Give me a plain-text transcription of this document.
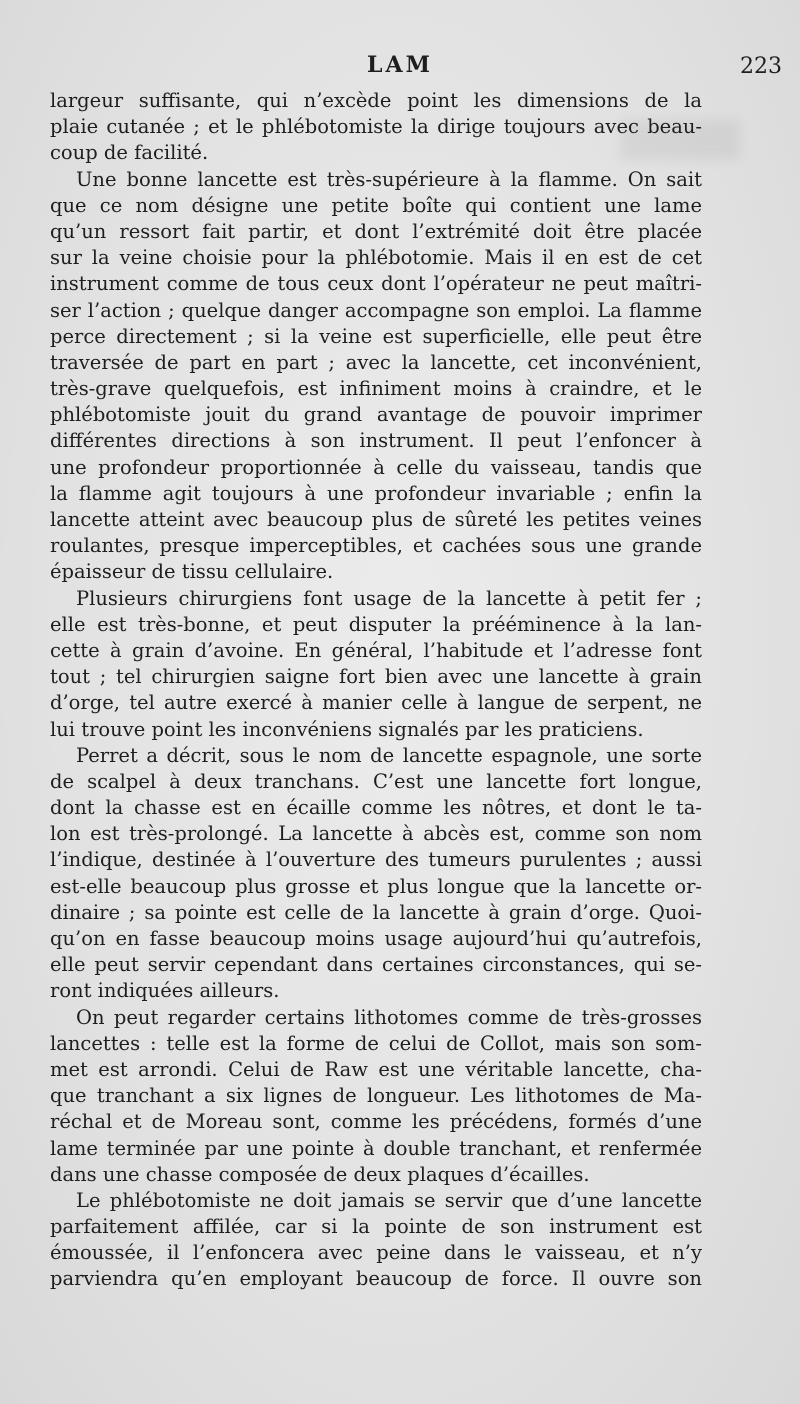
LAM	223
largeur suffisante, qui n’excède point les dimensions de la
plaie cutanée ; et le phlébotomiste la dirige toujours avec beau-
coup de facilité.
Une bonne lancette est très-supérieure à la flamme. On sait
que ce nom désigne une petite boîte qui contient une lame
qu’un ressort fait partir, et dont l’extrémité doit être placée
sur la veine choisie pour la phlébotomie. Mais il en est de cet
instrument comme de tous ceux dont l’opérateur ne peut maîtri-
ser l’action ; quelque danger accompagne son emploi. La flamme
perce directement ; si la veine est superficielle, elle peut être
traversée de part en part ; avec la lancette, cet inconvénient,
très-grave quelquefois, est infiniment moins à craindre, et le
phlébotomiste jouit du grand avantage de pouvoir imprimer
différentes directions à son instrument. Il peut l’enfoncer à
une profondeur proportionnée à celle du vaisseau, tandis que
la flamme agit toujours à une profondeur invariable ; enfin la
lancette atteint avec beaucoup plus de sûreté les petites veines
roulantes, presque imperceptibles, et cachées sous une grande
épaisseur de tissu cellulaire.
Plusieurs chirurgiens font usage de la lancette à petit fer ;
elle est très-bonne, et peut disputer la prééminence à la lan-
cette à grain d’avoine. En général, l’habitude et l’adresse font
tout ; tel chirurgien saigne fort bien avec une lancette à grain
d’orge, tel autre exercé à manier celle à langue de serpent, ne
lui trouve point les inconvéniens signalés par les praticiens.
Perret a décrit, sous le nom de lancette espagnole, une sorte
de scalpel à deux tranchans. C’est une lancette fort longue,
dont la chasse est en écaille comme les nôtres, et dont le ta-
lon est très-prolongé. La lancette à abcès est, comme son nom
l’indique, destinée à l’ouverture des tumeurs purulentes ; aussi
est-elle beaucoup plus grosse et plus longue que la lancette or-
dinaire ; sa pointe est celle de la lancette à grain d’orge. Quoi-
qu’on en fasse beaucoup moins usage aujourd’hui qu’autrefois,
elle peut servir cependant dans certaines circonstances, qui se-
ront indiquées ailleurs.
On peut regarder certains lithotomes comme de très-grosses
lancettes : telle est la forme de celui de Collot, mais son som-
met est arrondi. Celui de Raw est une véritable lancette, cha-
que tranchant a six lignes de longueur. Les lithotomes de Ma-
réchal et de Moreau sont, comme les précédens, formés d’une
lame terminée par une pointe à double tranchant, et renfermée
dans une chasse composée de deux plaques d’écailles.
Le phlébotomiste ne doit jamais se servir que d’une lancette
parfaitement affilée, car si la pointe de son instrument est
émoussée, il l’enfoncera avec peine dans le vaisseau, et n’y
parviendra qu’en employant beaucoup de force. Il ouvre son
